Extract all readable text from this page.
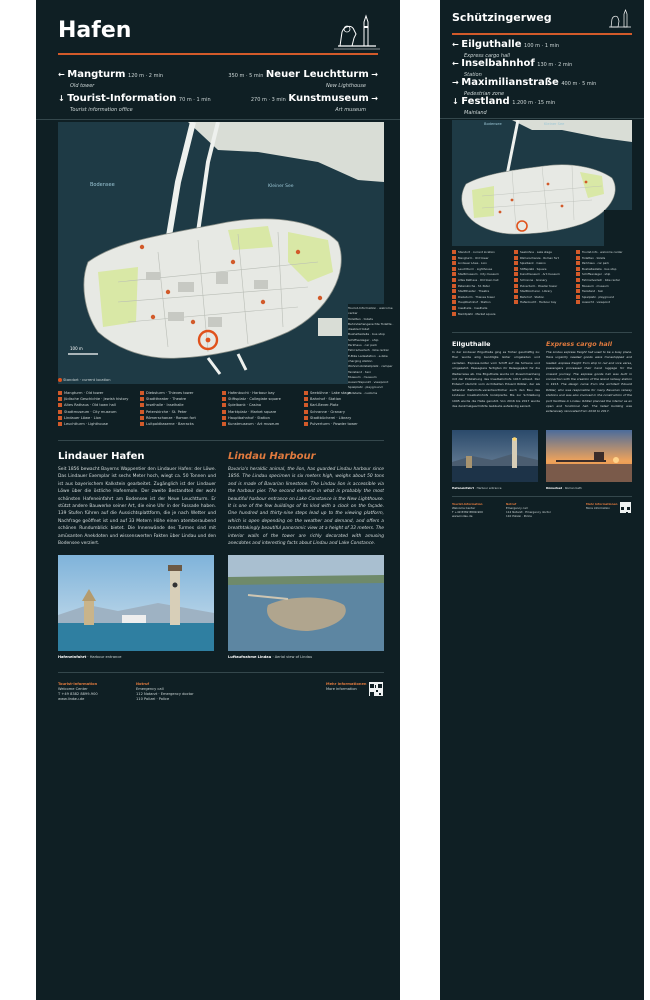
Hafen
← Mangturm 120 m · 2 min
Old tower
↓ Tourist-Information 70 m · 1 min
Tourist information office
350 m · 5 min Neuer Leuchtturm →
New Lighthouse
270 m · 3 min Kunstmuseum →
Art museum
Bodensee	Kleiner See
100 m
Tourist-Information · welcome center
Toiletten · toilets
Behindertengerechte Toilette · disabled toilet
Bushaltestelle · bus stop
Schiffsanleger · ship
Parkhaus · car park
Fahrradverleih · bike rental
E-Bike Ladestation · e-bike charging station
Wohnmobilstellplatz · camper
Taxistand · taxi
Museum · museum
Aussichtspunkt · viewpoint
Spielplatz · playground
Zollstelle · customs
Standort · current location
Mangturm · Old tower
Jüdische Geschichte · Jewish history
Altes Rathaus · Old town hall
Stadtmuseum · City museum
Lindauer Löwe · Lion
Leuchtturm · Lighthouse
Diebsturm · Thieves tower
Stadttheater · Theatre
Inselhalle · Inselhalle
Peterskirche · St. Peter
Römerschanze · Roman fort
Luitpoldkaserne · Barracks
Hafenbucht · Harbour bay
Stiftsplatz · Collegiate square
Spielbank · Casino
Marktplatz · Market square
Hauptbahnhof · Station
Kunstmuseum · Art museum
Seebühne · Lake stage
Bahnhof · Station
Karl-Bever-Platz
Schranne · Granary
Stadtbücherei · Library
Pulverturm · Powder tower
Lindauer Hafen	Lindau Harbour
Seit 1856 bewacht Bayerns Wappentier den Lindauer Hafen: der Löwe. Das Lindauer Exemplar ist sechs Meter hoch, wiegt ca. 50 Tonnen und ist aus bayerischem Kalkstein gearbeitet. Zugänglich ist der Lindauer Löwe über die östliche Hafenmole. Der zweite Bestandteil der wohl schönsten Hafeneinfahrt am Bodensee ist der Neue Leuchtturm. Er stützt andere Bauwerke seiner Art, die eine Uhr in der Fassade haben. 139 Stufen führen auf die Aussichtsplattform, die je nach Wetter und Nachfrage geöffnet ist und auf 33 Metern Höhe einen atemberaubend schönen Rundumblick bietet. Die Innenwände des Turmes sind mit amüsanten Anekdoten und wissenswerten Fakten über Lindau und den Bodensee verziert.
Bavaria's heraldic animal, the lion, has guarded Lindau harbour since 1856. The Lindau specimen is six meters high, weighs about 50 tons and is made of Bavarian limestone. The Lindau lion is accessible via the harbour pier. The second element in what is probably the most beautiful harbour entrance on Lake Constance is the New Lighthouse. It is one of the few buildings of its kind with a clock on the façade. One hundred and thirty-nine steps lead up to the viewing platform, which is open depending on the weather and demand, and offers a breathtakingly beautiful panoramic view at a height of 33 meters. The interior walls of the tower are richly decorated with amusing anecdotes and interesting facts about Lindau and Lake Constance.
Hafeneinfahrt · Harbour entrance	Luftaufnahme Lindau · Aerial view of Lindau
Tourist-Information
Welcome Center
T +49 8382 8899-900
www.lindau.de
Notruf
Emergency call
112 Notarzt · Emergency doctor
110 Polizei · Police
Mehr Informationen
More information
Schützingerweg
← Eilguthalle 100 m · 1 min
Express cargo hall
← Inselbahnhof 130 m · 2 min
Station
→ Maximilianstraße 400 m · 5 min
Pedestrian zone
↓ Festland 1.200 m · 15 min
Mainland
Bodensee	Kleiner See
Standort · current location
Mangturm · Old tower
Lindauer Löwe · Lion
Leuchtturm · Lighthouse
Stadtmuseum · City museum
Altes Rathaus · Old town hall
Peterskirche · St. Peter
Stadttheater · Theatre
Diebsturm · Thieves tower
Hauptbahnhof · Station
Inselhalle · Inselhalle
Marktplatz · Market square
Seebühne · Lake stage
Römerschanze · Roman fort
Spielbank · Casino
Stiftsplatz · Square
Kunstmuseum · Art museum
Schranne · Granary
Pulverturm · Powder tower
Stadtbücherei · Library
Bahnhof · Station
Hafenbucht · Harbour bay
Tourist-Info · welcome center
Toiletten · toilets
Parkhaus · car park
Bushaltestelle · bus stop
Schiffsanleger · ship
Fahrradverleih · bike rental
Museum · museum
Taxistand · taxi
Spielplatz · playground
Aussicht · viewpoint
Eilguthalle	Express cargo hall
In der Lindauer Eilguthalle ging es früher geschäftig zu: Hier wurde eilig benötigte Güter umgeladen und verladen. Express-Güter vom Schiff auf die Schiene und umgekehrt. Passagiere fertigten ihr Reisegepäck für die Weiterreise ab. Die Eilguthalle wurde im Zusammenhang mit der Entstehung des Inselbahnhofs 1913 erbaut. Der Entwurf stammt vom Architekten Eduard Rößler, der als leitender Bahnhofs-verantwortlicher auch den Bau des Lindauer Inselbahnhofs konzipierte. Bis zur Schließung 1995 wurde die Halle genutzt. Von 2016 bis 2017 wurde das denkmalgeschützte Gebäude aufwändig saniert.
The Lindau express freight hall used to be a busy place. Here urgently needed goods were transshipped and loaded: express freight from ship to rail and vice versa, passengers processed their hand luggage for the onward journey. The express goods hall was built in connection with the creation of the island railway station in 1913. The design came from the architect Eduard Rößler, who was responsible for many Bavarian railway stations and was also involved in the construction of the port facilities in Lindau. Rößler planned the interior as an open and functional hall. The listed building was extensively renovated from 2016 to 2017.
Hafeneinfahrt · Harbour entrance	Römerbad · Roman bath
Tourist-Information
Welcome Center
T +49 8382 8899-900
www.lindau.de
Notruf
Emergency call
112 Notarzt · Emergency doctor
110 Polizei · Police
Mehr Informationen
More information
